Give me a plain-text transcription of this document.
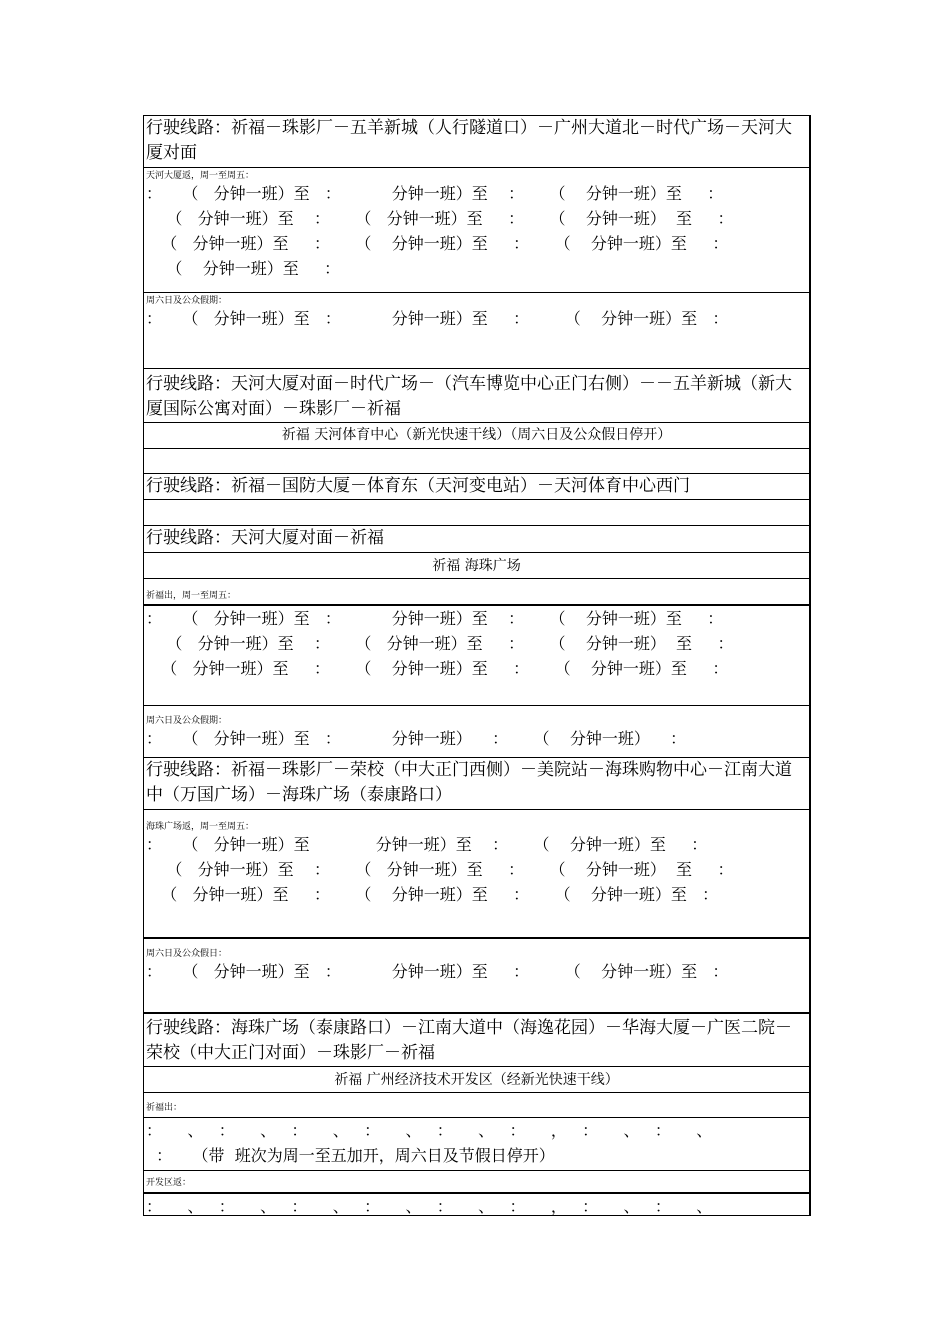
行驶线路：祈福－珠影厂－五羊新城（人行隧道口）－广州大道北－时代广场－天河大厦对面
天河大厦返，周一至周五：
：    （   分钟一班）至   ：          分钟一班）至    ：     （    分钟一班）至     ：
（   分钟一班）至    ：     （   分钟一班）至     ：     （    分钟一班）  至     ：
（   分钟一班）至     ：     （    分钟一班）至     ：     （    分钟一班）至     ：
（    分钟一班）至     ：
周六日及公众假期：
：    （   分钟一班）至   ：          分钟一班）至     ：       （    分钟一班）至   ：
行驶线路：天河大厦对面－时代广场－（汽车博览中心正门右侧）－－五羊新城（新大厦国际公寓对面）－珠影厂－祈福
祈福 天河体育中心（新光快速干线）（周六日及公众假日停开）

行驶线路：祈福－国防大厦－体育东（天河变电站）－天河体育中心西门

行驶线路：天河大厦对面－祈福
祈福 海珠广场
祈福出，周一至周五：
：    （   分钟一班）至   ：          分钟一班）至    ：     （    分钟一班）至     ：
（   分钟一班）至    ：     （   分钟一班）至     ：     （    分钟一班）  至     ：
（   分钟一班）至     ：     （    分钟一班）至     ：     （    分钟一班）至     ：
周六日及公众假期：
：    （   分钟一班）至   ：          分钟一班）    ：     （    分钟一班）    ：
行驶线路：祈福－珠影厂－荣校（中大正门西侧）－美院站－海珠购物中心－江南大道中（万国广场）－海珠广场（泰康路口）
海珠广场返，周一至周五：
：    （   分钟一班）至             分钟一班）至    ：     （    分钟一班）至     ：
（   分钟一班）至    ：     （   分钟一班）至     ：     （    分钟一班）  至     ：
（   分钟一班）至     ：     （    分钟一班）至     ：     （    分钟一班）至   ：
周六日及公众假日：
：    （   分钟一班）至   ：          分钟一班）至     ：       （    分钟一班）至   ：
行驶线路：海珠广场（泰康路口）－江南大道中（海逸花园）－华海大厦－广医二院－荣校（中大正门对面）－珠影厂－祈福
祈福 广州经济技术开发区（经新光快速干线）
祈福出：
：     、   ：     、   ：     、   ：     、   ：     、   ：     ，   ：     、   ：     、
：    （带  班次为周一至五加开，周六日及节假日停开）
开发区返：
：     、   ：     、   ：     、   ：     、   ：     、   ：     ，   ：     、   ：     、
